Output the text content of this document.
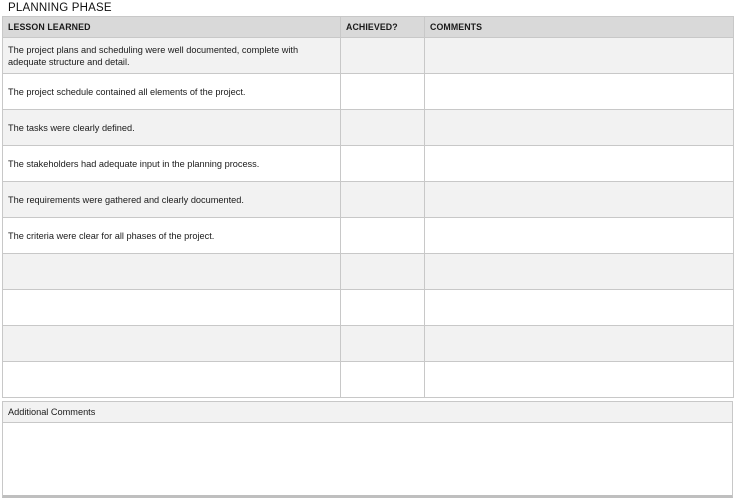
PLANNING PHASE
LESSON LEARNED	ACHIEVED?	COMMENTS
The project plans and scheduling were well documented, complete with adequate structure and detail.		
The project schedule contained all elements of the project.		
The tasks were clearly defined.		
The stakeholders had adequate input in the planning process.		
The requirements were gathered and clearly documented.		
The criteria were clear for all phases of the project.		

Additional Comments
